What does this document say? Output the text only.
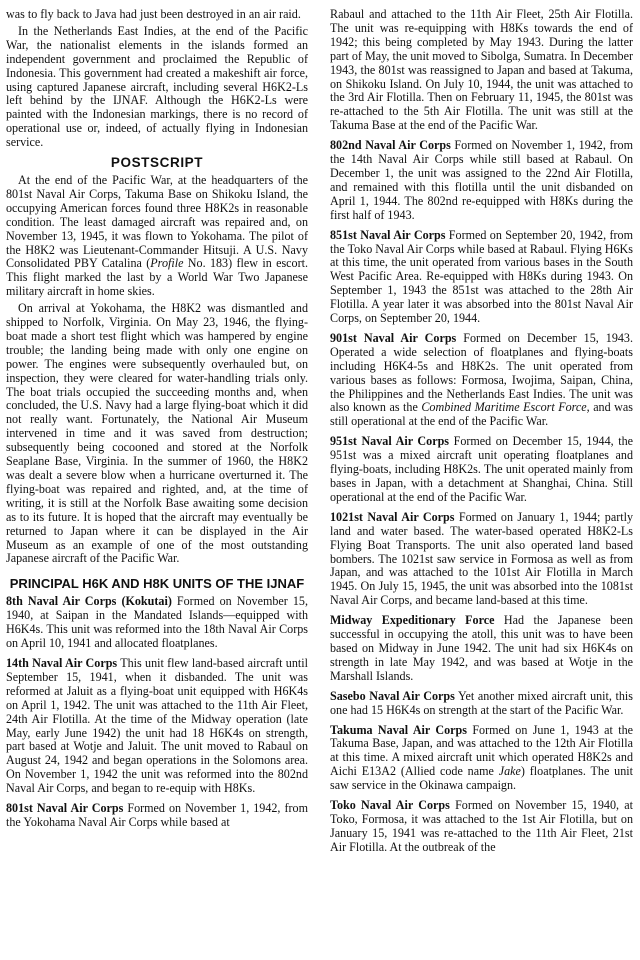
was to fly back to Java had just been destroyed in an air raid.

In the Netherlands East Indies, at the end of the Pacific War, the nationalist elements in the islands formed an independent government and proclaimed the Republic of Indonesia. This government had created a makeshift air force, using captured Japanese aircraft, including several H6K2-Ls left behind by the IJNAF. Although the H6K2-Ls were painted with the Indonesian markings, there is no record of operational use or, indeed, of actually flying in Indonesian service.

POSTSCRIPT

At the end of the Pacific War, at the headquarters of the 801st Naval Air Corps, Takuma Base on Shikoku Island, the occupying American forces found three H8K2s in reasonable condition. The least damaged aircraft was repaired and, on November 13, 1945, it was flown to Yokohama. The pilot of the H8K2 was Lieutenant-Commander Hitsuji. A U.S. Navy Consolidated PBY Catalina (Profile No. 183) flew in escort. This flight marked the last by a World War Two Japanese military aircraft in home skies.

On arrival at Yokohama, the H8K2 was dismantled and shipped to Norfolk, Virginia. On May 23, 1946, the flying-boat made a short test flight which was hampered by engine trouble; the landing being made with only one engine on power. The engines were subsequently overhauled but, on inspection, they were cleared for water-handling trials only. The boat trials occupied the succeeding months and, when concluded, the U.S. Navy had a large flying-boat which it did not really want. Fortunately, the National Air Museum intervened in time and it was saved from destruction; subsequently being cocooned and stored at the Norfolk Seaplane Base, Virginia. In the summer of 1960, the H8K2 was dealt a severe blow when a hurricane overturned it. The flying-boat was repaired and righted, and, at the time of writing, it is still at the Norfolk Base awaiting some decision as to its future. It is hoped that the aircraft may eventually be returned to Japan where it can be displayed in the Air Museum as an example of one of the most outstanding Japanese aircraft of the Pacific War.

PRINCIPAL H6K AND H8K UNITS OF THE IJNAF

8th Naval Air Corps (Kokutai) Formed on November 15, 1940, at Saipan in the Mandated Islands—equipped with H6K4s. This unit was reformed into the 18th Naval Air Corps on April 10, 1941 and allocated floatplanes.

14th Naval Air Corps This unit flew land-based aircraft until September 15, 1941, when it disbanded. The unit was reformed at Jaluit as a flying-boat unit equipped with H6K4s on April 1, 1942. The unit was attached to the 11th Air Fleet, 24th Air Flotilla. At the time of the Midway operation (late May, early June 1942) the unit had 18 H6K4s on strength, part based at Wotje and Jaluit. The unit moved to Rabaul on August 24, 1942 and began operations in the Solomons area. On November 1, 1942 the unit was reformed into the 802nd Naval Air Corps, and began to re-equip with H8Ks.

801st Naval Air Corps Formed on November 1, 1942, from the Yokohama Naval Air Corps while based at

Rabaul and attached to the 11th Air Fleet, 25th Air Flotilla. The unit was re-equipping with H8Ks towards the end of 1942; this being completed by May 1943. During the latter part of May, the unit moved to Sibolga, Sumatra. In December 1943, the 801st was reassigned to Japan and based at Takuma, on Shikoku Island. On July 10, 1944, the unit was attached to the 3rd Air Flotilla. Then on February 11, 1945, the 801st was re-attached to the 5th Air Flotilla. The unit was still at the Takuma Base at the end of the Pacific War.

802nd Naval Air Corps Formed on November 1, 1942, from the 14th Naval Air Corps while still based at Rabaul. On December 1, the unit was assigned to the 22nd Air Flotilla, and remained with this flotilla until the unit disbanded on April 1, 1944. The 802nd re-equipped with H8Ks during the first half of 1943.

851st Naval Air Corps Formed on September 20, 1942, from the Toko Naval Air Corps while based at Rabaul. Flying H6Ks at this time, the unit operated from various bases in the South West Pacific Area. Re-equipped with H8Ks during 1943. On September 1, 1943 the 851st was attached to the 28th Air Flotilla. A year later it was absorbed into the 801st Naval Air Corps, on September 20, 1944.

901st Naval Air Corps Formed on December 15, 1943. Operated a wide selection of floatplanes and flying-boats including H6K4-5s and H8K2s. The unit operated from various bases as follows: Formosa, Iwojima, Saipan, China, the Philippines and the Netherlands East Indies. The unit was also known as the Combined Maritime Escort Force, and was still operational at the end of the Pacific War.

951st Naval Air Corps Formed on December 15, 1944, the 951st was a mixed aircraft unit operating floatplanes and flying-boats, including H8K2s. The unit operated mainly from bases in Japan, with a detachment at Shanghai, China. Still operational at the end of the Pacific War.

1021st Naval Air Corps Formed on January 1, 1944; partly land and water based. The water-based operated H8K2-Ls Flying Boat Transports. The unit also operated land based bombers. The 1021st saw service in Formosa as well as from Japan, and was attached to the 101st Air Flotilla in March 1945. On July 15, 1945, the unit was absorbed into the 1081st Naval Air Corps, and became land-based at this time.

Midway Expeditionary Force Had the Japanese been successful in occupying the atoll, this unit was to have been based on Midway in June 1942. The unit had six H6K4s on strength in late May 1942, and was based at Wotje in the Marshall Islands.

Sasebo Naval Air Corps Yet another mixed aircraft unit, this one had 15 H6K4s on strength at the start of the Pacific War.

Takuma Naval Air Corps Formed on June 1, 1943 at the Takuma Base, Japan, and was attached to the 12th Air Flotilla at this time. A mixed aircraft unit which operated H8K2s and Aichi E13A2 (Allied code name Jake) floatplanes. The unit saw service in the Okinawa campaign.

Toko Naval Air Corps Formed on November 15, 1940, at Toko, Formosa, it was attached to the 1st Air Flotilla, but on January 15, 1941 was re-attached to the 11th Air Fleet, 21st Air Flotilla. At the outbreak of the
